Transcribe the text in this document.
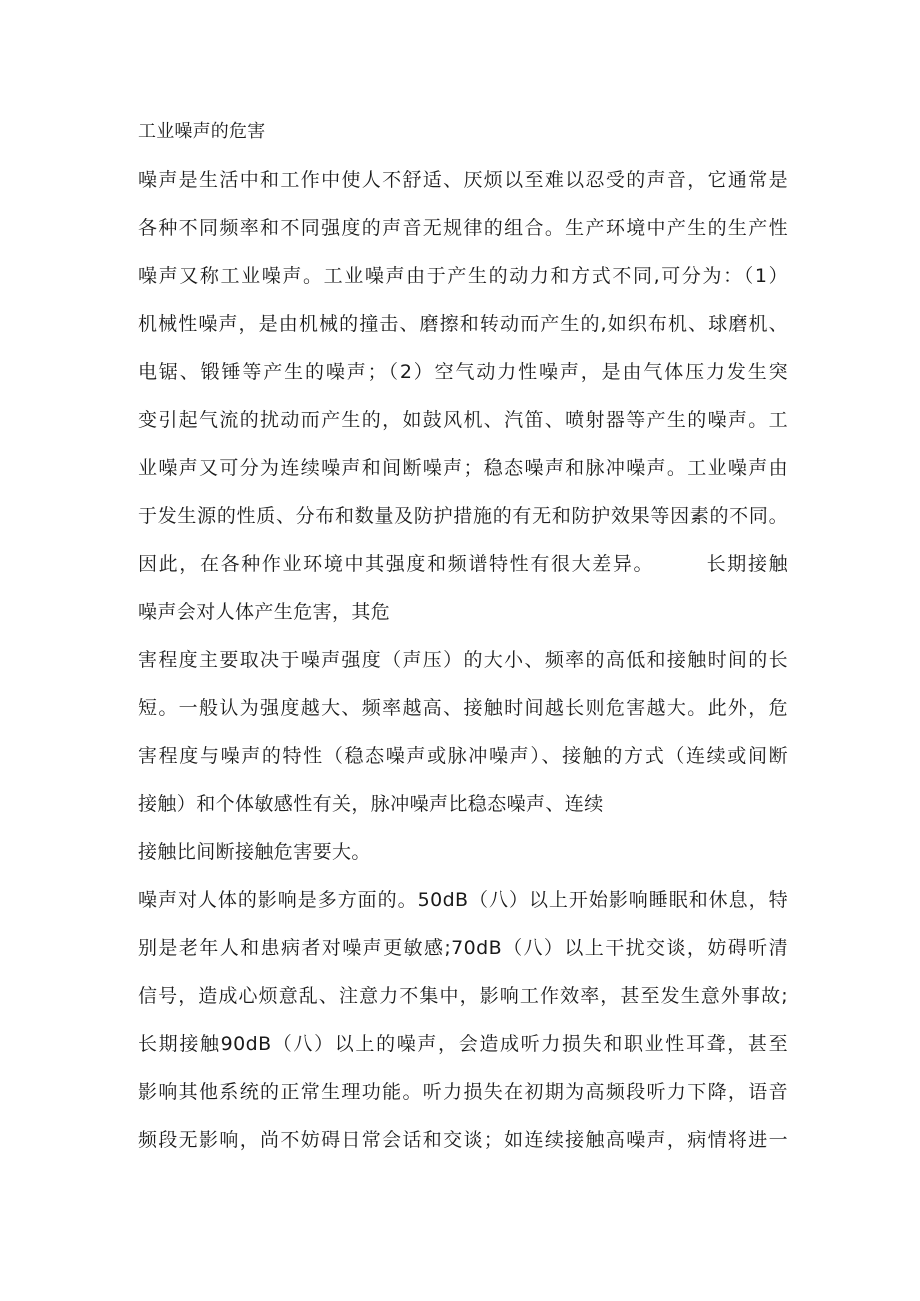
工业噪声的危害
噪声是生活中和工作中使人不舒适、厌烦以至难以忍受的声音，它通常是
各种不同频率和不同强度的声音无规律的组合。生产环境中产生的生产性
噪声又称工业噪声。工业噪声由于产生的动力和方式不同,可分为：（1）
机械性噪声，是由机械的撞击、磨擦和转动而产生的,如织布机、球磨机、
电锯、锻锤等产生的噪声；（2）空气动力性噪声，是由气体压力发生突
变引起气流的扰动而产生的，如鼓风机、汽笛、喷射器等产生的噪声。工
业噪声又可分为连续噪声和间断噪声；稳态噪声和脉冲噪声。工业噪声由
于发生源的性质、分布和数量及防护措施的有无和防护效果等因素的不同。
因此，在各种作业环境中其强度和频谱特性有很大差异。　　　长期接触
噪声会对人体产生危害，其危
害程度主要取决于噪声强度（声压）的大小、频率的高低和接触时间的长
短。一般认为强度越大、频率越高、接触时间越长则危害越大。此外，危
害程度与噪声的特性（稳态噪声或脉冲噪声）、接触的方式（连续或间断
接触）和个体敏感性有关，脉冲噪声比稳态噪声、连续
接触比间断接触危害要大。
噪声对人体的影响是多方面的。50dB（八）以上开始影响睡眠和休息，特
别是老年人和患病者对噪声更敏感;70dB（八）以上干扰交谈，妨碍听清
信号，造成心烦意乱、注意力不集中，影响工作效率，甚至发生意外事故;
长期接触90dB（八）以上的噪声，会造成听力损失和职业性耳聋，甚至
影响其他系统的正常生理功能。听力损失在初期为高频段听力下降，语音
频段无影响，尚不妨碍日常会话和交谈；如连续接触高噪声，病情将进一
